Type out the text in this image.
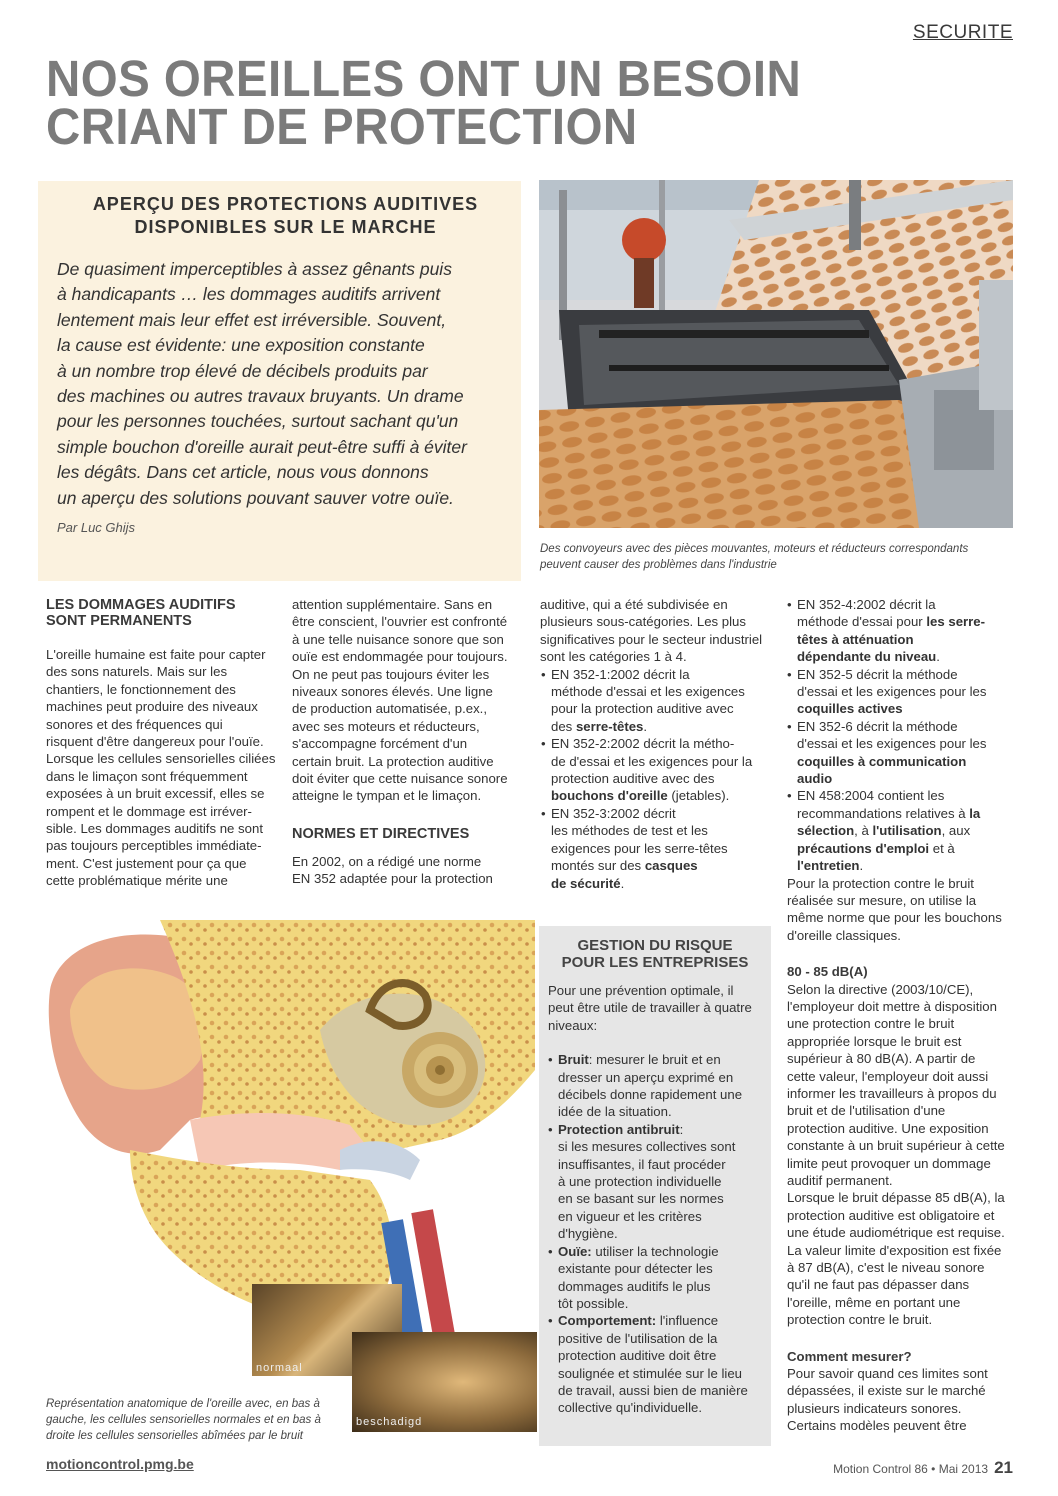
SECURITE
NOS OREILLES ONT UN BESOIN
CRIANT DE PROTECTION
APERÇU DES PROTECTIONS AUDITIVES
DISPONIBLES SUR LE MARCHE
De quasiment imperceptibles à assez gênants puis
à handicapants … les dommages auditifs arrivent
lentement mais leur effet est irréversible. Souvent,
la cause est évidente: une exposition constante
à un nombre trop élevé de décibels produits par
des machines ou autres travaux bruyants. Un drame
pour les personnes touchées, surtout sachant qu'un
simple bouchon d'oreille aurait peut-être suffi à éviter
les dégâts. Dans cet article, nous vous donnons
un aperçu des solutions pouvant sauver votre ouïe.
Par Luc Ghijs
Des convoyeurs avec des pièces mouvantes, moteurs et réducteurs correspondants
peuvent causer des problèmes dans l'industrie
LES DOMMAGES AUDITIFS
SONT PERMANENTS
L'oreille humaine est faite pour capter
des sons naturels. Mais sur les
chantiers, le fonctionnement des
machines peut produire des niveaux
sonores et des fréquences qui
risquent d'être dangereux pour l'ouïe.
Lorsque les cellules sensorielles ciliées
dans le limaçon sont fréquemment
exposées à un bruit excessif, elles se
rompent et le dommage est irréver-
sible. Les dommages auditifs ne sont
pas toujours perceptibles immédiate-
ment. C'est justement pour ça que
cette problématique mérite une
attention supplémentaire. Sans en
être conscient, l'ouvrier est confronté
à une telle nuisance sonore que son
ouïe est endommagée pour toujours.
On ne peut pas toujours éviter les
niveaux sonores élevés. Une ligne
de production automatisée, p.ex.,
avec ses moteurs et réducteurs,
s'accompagne forcément d'un
certain bruit. La protection auditive
doit éviter que cette nuisance sonore
atteigne le tympan et le limaçon.
NORMES ET DIRECTIVES
En 2002, on a rédigé une norme
EN 352 adaptée pour la protection
auditive, qui a été subdivisée en
plusieurs sous-catégories. Les plus
significatives pour le secteur industriel
sont les catégories 1 à 4.
• EN 352-1:2002 décrit la
méthode d'essai et les exigences
pour la protection auditive avec
des serre-têtes.
• EN 352-2:2002 décrit la métho-
de d'essai et les exigences pour la
protection auditive avec des
bouchons d'oreille (jetables).
• EN 352-3:2002 décrit
les méthodes de test et les
exigences pour les serre-têtes
montés sur des casques
de sécurité.
• EN 352-4:2002 décrit la
méthode d'essai pour les serre-
têtes à atténuation
dépendante du niveau.
• EN 352-5 décrit la méthode
d'essai et les exigences pour les
coquilles actives
• EN 352-6 décrit la méthode
d'essai et les exigences pour les
coquilles à communication
audio
• EN 458:2004 contient les
recommandations relatives à la
sélection, à l'utilisation, aux
précautions d'emploi et à
l'entretien.
Pour la protection contre le bruit
réalisée sur mesure, on utilise la
même norme que pour les bouchons
d'oreille classiques.
80 - 85 dB(A)
Selon la directive (2003/10/CE),
l'employeur doit mettre à disposition
une protection contre le bruit
appropriée lorsque le bruit est
supérieur à 80 dB(A). A partir de
cette valeur, l'employeur doit aussi
informer les travailleurs à propos du
bruit et de l'utilisation d'une
protection auditive. Une exposition
constante à un bruit supérieur à cette
limite peut provoquer un dommage
auditif permanent.
Lorsque le bruit dépasse 85 dB(A), la
protection auditive est obligatoire et
une étude audiométrique est requise.
La valeur limite d'exposition est fixée
à 87 dB(A), c'est le niveau sonore
qu'il ne faut pas dépasser dans
l'oreille, même en portant une
protection contre le bruit.
Comment mesurer?
Pour savoir quand ces limites sont
dépassées, il existe sur le marché
plusieurs indicateurs sonores.
Certains modèles peuvent être
GESTION DU RISQUE
POUR LES ENTREPRISES
Pour une prévention optimale, il
peut être utile de travailler à quatre
niveaux:
• Bruit: mesurer le bruit et en
dresser un aperçu exprimé en
décibels donne rapidement une
idée de la situation.
• Protection antibruit:
si les mesures collectives sont
insuffisantes, il faut procéder
à une protection individuelle
en se basant sur les normes
en vigueur et les critères
d'hygiène.
• Ouïe: utiliser la technologie
existante pour détecter les
dommages auditifs le plus
tôt possible.
• Comportement: l'influence
positive de l'utilisation de la
protection auditive doit être
soulignée et stimulée sur le lieu
de travail, aussi bien de manière
collective qu'individuelle.
normaal
beschadigd
Représentation anatomique de l'oreille avec, en bas à
gauche, les cellules sensorielles normales et en bas à
droite les cellules sensorielles abîmées par le bruit
motioncontrol.pmg.be	Motion Control 86 • Mai 2013 21
